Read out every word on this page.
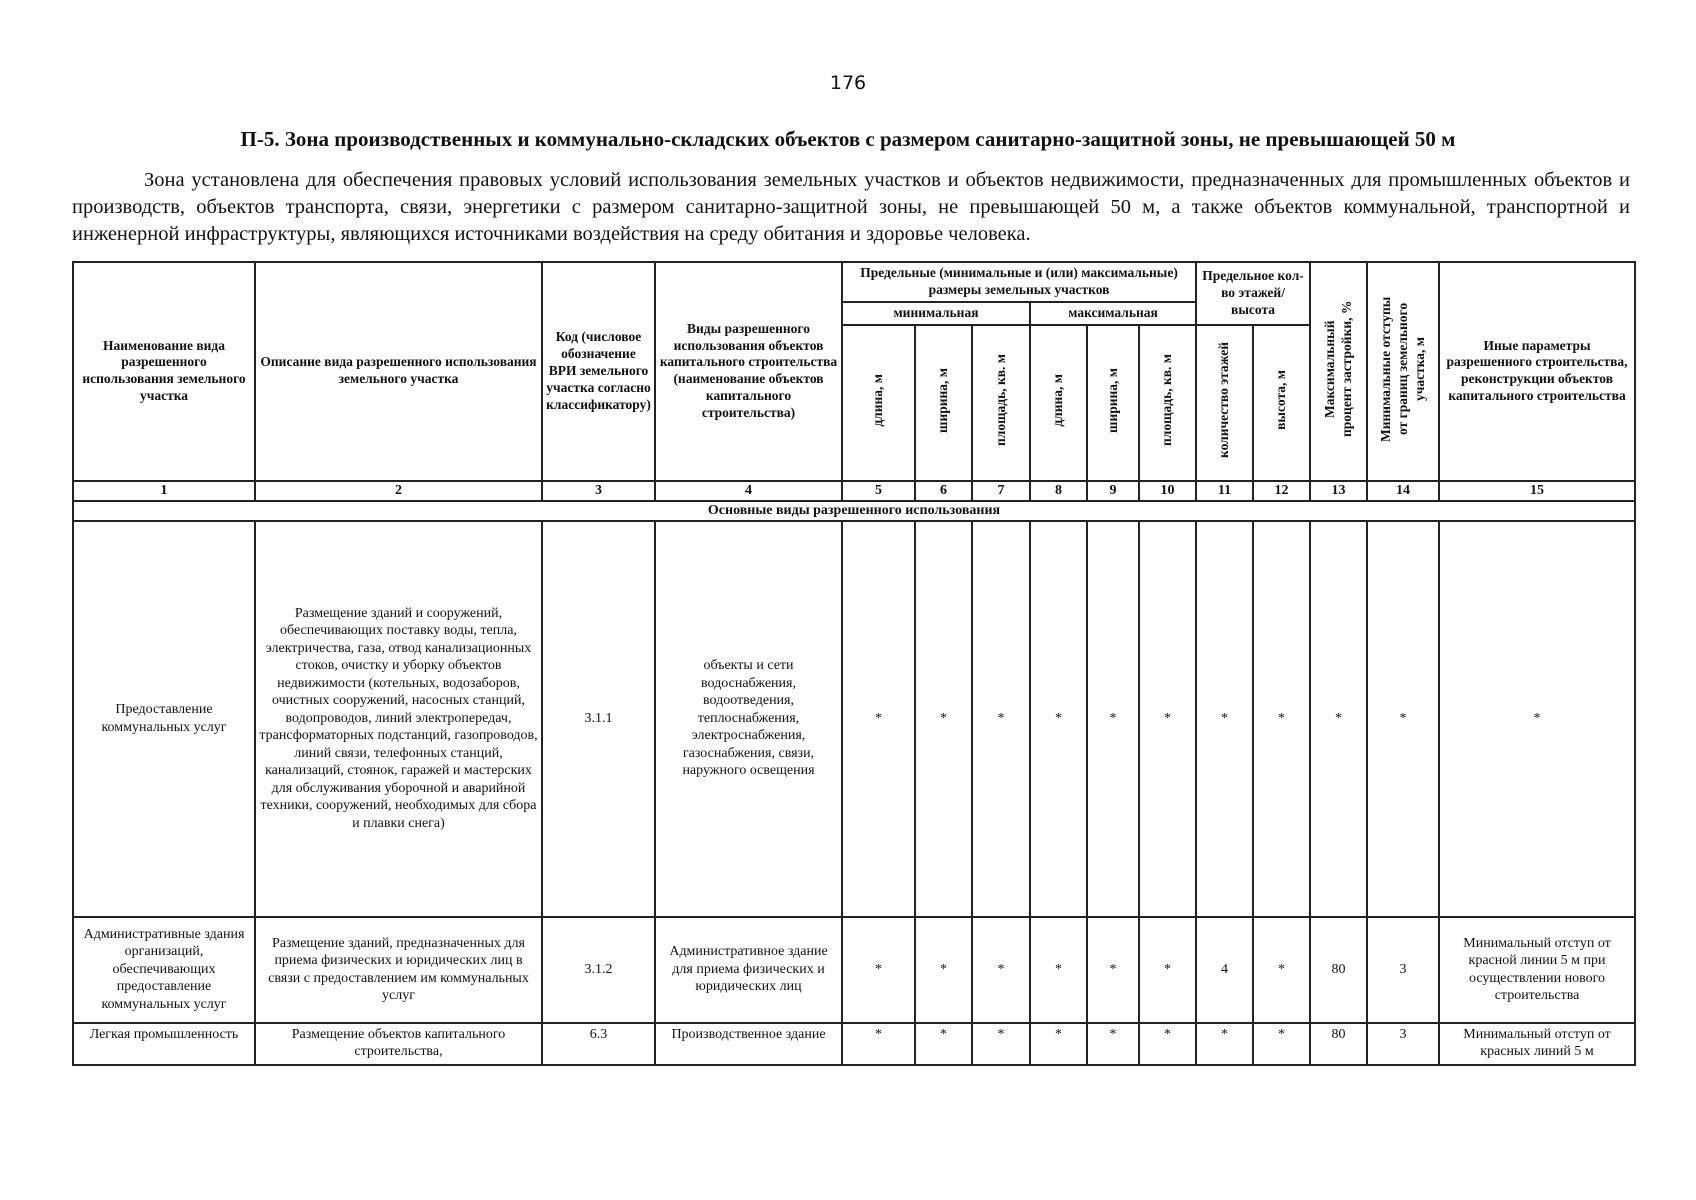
176
П-5. Зона производственных и коммунально-складских объектов с размером санитарно-защитной зоны, не превышающей 50 м
Зона установлена для обеспечения правовых условий использования земельных участков и объектов недвижимости, предназначенных для промышленных объектов и производств, объектов транспорта, связи, энергетики с размером санитарно-защитной зоны, не превышающей 50 м, а также объектов коммунальной, транспортной и инженерной инфраструктуры, являющихся источниками воздействия на среду обитания и здоровье человека.
Наименование вида разрешенного использования земельного участка	Описание вида разрешенного использования земельного участка	Код (числовое обозначение ВРИ земельного участка согласно классификатору)	Виды разрешенного использования объектов капитального строительства (наименование объектов капитального строительства)	Предельные (минимальные и (или) максимальные) размеры земельных участков						Предельное кол-во этажей/высота		Максимальный процент застройки, %	Минимальные отступы от границ земельного участка, м	Иные параметры разрешенного строительства, реконструкции объектов капитального строительства
				минимальная			максимальная							
				длина, м	ширина, м	площадь, кв. м	длина, м	ширина, м	площадь, кв. м	количество этажей	высота, м			
1	2	3	4	5	6	7	8	9	10	11	12	13	14	15
Основные виды разрешенного использования														
Предоставление коммунальных услуг	Размещение зданий и сооружений, обеспечивающих поставку воды, тепла, электричества, газа, отвод канализационных стоков, очистку и уборку объектов недвижимости (котельных, водозаборов, очистных сооружений, насосных станций, водопроводов, линий электропередач, трансформаторных подстанций, газопроводов, линий связи, телефонных станций, канализаций, стоянок, гаражей и мастерских для обслуживания уборочной и аварийной техники, сооружений, необходимых для сбора и плавки снега)	3.1.1	объекты и сети водоснабжения, водоотведения, теплоснабжения, электроснабжения, газоснабжения, связи, наружного освещения	*	*	*	*	*	*	*	*	*	*	*
Административные здания организаций, обеспечивающих предоставление коммунальных услуг	Размещение зданий, предназначенных для приема физических и юридических лиц в связи с предоставлением им коммунальных услуг	3.1.2	Административное здание для приема физических и юридических лиц	*	*	*	*	*	*	4	*	80	3	Минимальный отступ от красной линии 5 м при осуществлении нового строительства
Легкая промышленность	Размещение объектов капитального строительства,	6.3	Производственное здание	*	*	*	*	*	*	*	*	80	3	Минимальный отступ от красных линий 5 м
